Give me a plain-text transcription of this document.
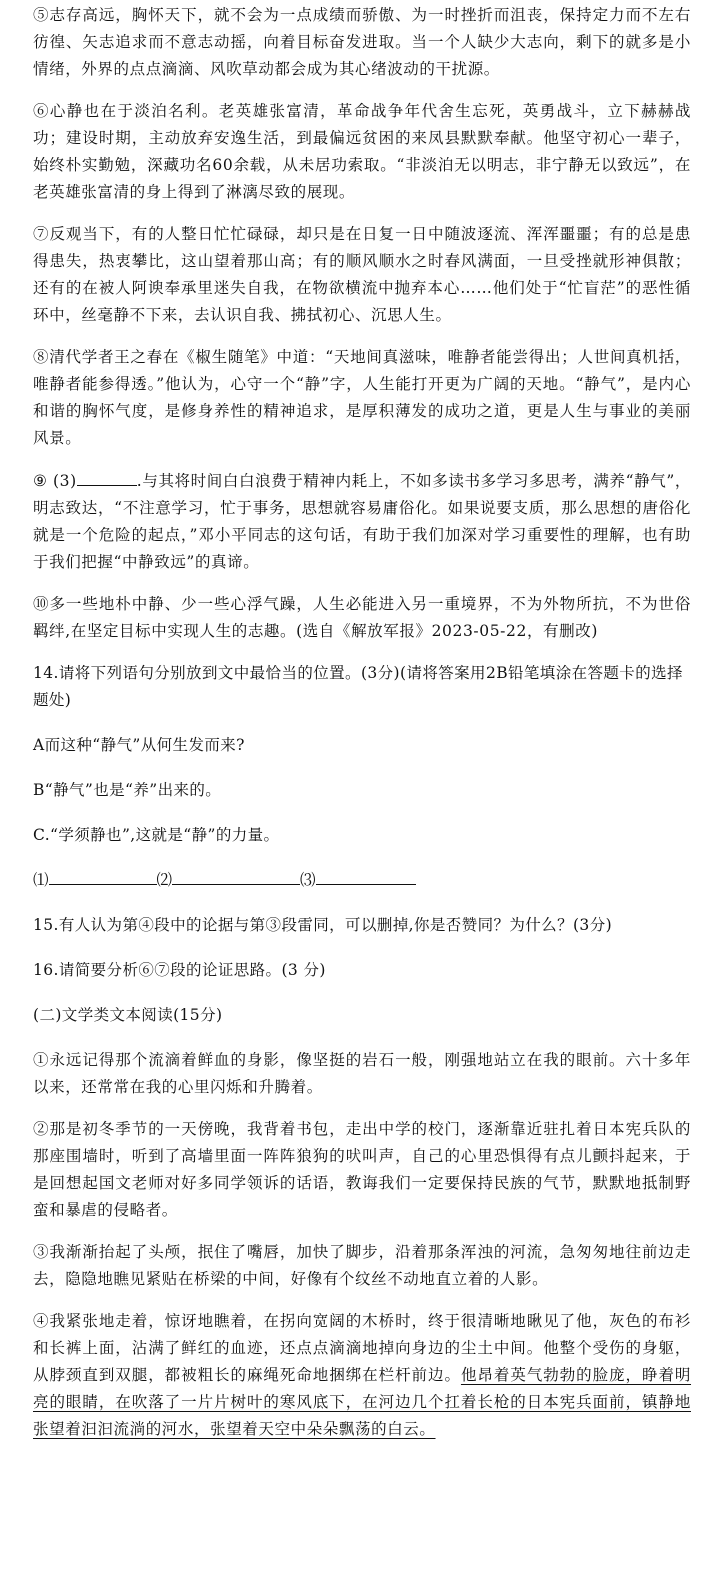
⑤志存高远，胸怀天下，就不会为一点成绩而骄傲、为一时挫折而沮丧，保持定力而不左右彷徨、矢志追求而不意志动摇，向着目标奋发进取。当一个人缺少大志向，剩下的就多是小情绪，外界的点点滴滴、风吹草动都会成为其心绪波动的干扰源。

⑥心静也在于淡泊名利。老英雄张富清，革命战争年代舍生忘死，英勇战斗，立下赫赫战功；建设时期，主动放弃安逸生活，到最偏远贫困的来凤县默默奉献。他坚守初心一辈子，始终朴实勤勉，深藏功名60余载，从未居功索取。“非淡泊无以明志，非宁静无以致远”，在老英雄张富清的身上得到了淋漓尽致的展现。

⑦反观当下，有的人整日忙忙碌碌，却只是在日复一日中随波逐流、浑浑噩噩；有的总是患得患失，热衷攀比，这山望着那山高；有的顺风顺水之时春风满面，一旦受挫就形神俱散；还有的在被人阿谀奉承里迷失自我，在物欲横流中抛弃本心……他们处于“忙盲茫”的恶性循环中，丝毫静不下来，去认识自我、拂拭初心、沉思人生。

⑧清代学者王之春在《椒生随笔》中道：“天地间真滋味，唯静者能尝得出；人世间真机括，唯静者能参得透。”他认为，心守一个“静”字，人生能打开更为广阔的天地。“静气”，是内心和谐的胸怀气度，是修身养性的精神追求，是厚积薄发的成功之道，更是人生与事业的美丽风景。

⑨ (3)	.与其将时间白白浪费于精神内耗上，不如多读书多学习多思考，满养“静气”，明志致达，“不注意学习，忙于事务，思想就容易庸俗化。如果说要支质，那么思想的唐俗化就是一个危险的起点，”邓小平同志的这句话，有助于我们加深对学习重要性的理解，也有助于我们把握“中静致远”的真谛。

⑩多一些地朴中静、少一些心浮气躁，人生必能进入另一重境界，不为外物所抗，不为世俗羁绊,在坚定目标中实现人生的志趣。(选自《解放军报》2023-05-22，有删改)

14.请将下列语句分别放到文中最恰当的位置。(3分)(请将答案用2B铅笔填涂在答题卡的选择题处)

A而这种“静气”从何生发而来?

B“静气”也是“养”出来的。

C.“学须静也”,这就是“静”的力量。

⑴	⑵	⑶

15.有人认为第④段中的论据与第③段雷同，可以删掉,你是否赞同？为什么？(3分)

16.请简要分析⑥⑦段的论证思路。(3 分)

(二)文学类文本阅读(15分)

①永远记得那个流滴着鲜血的身影，像坚挺的岩石一般，刚强地站立在我的眼前。六十多年以来，还常常在我的心里闪烁和升腾着。

②那是初冬季节的一天傍晚，我背着书包，走出中学的校门，逐渐靠近驻扎着日本宪兵队的那座围墙时，听到了高墙里面一阵阵狼狗的吠叫声，自己的心里恐惧得有点儿颤抖起来，于是回想起国文老师对好多同学领诉的话语，教诲我们一定要保持民族的气节，默默地抵制野蛮和暴虐的侵略者。

③我渐渐抬起了头颅，抿住了嘴唇，加快了脚步，沿着那条浑浊的河流，急匆匆地往前边走去，隐隐地瞧见紧贴在桥梁的中间，好像有个纹丝不动地直立着的人影。

④我紧张地走着，惊讶地瞧着，在拐向宽阔的木桥时，终于很清晰地瞅见了他，灰色的布衫和长裤上面，沾满了鲜红的血迹，还点点滴滴地掉向身边的尘土中间。他整个受伤的身躯，从脖颈直到双腿，都被粗长的麻绳死命地捆绑在栏杆前边。他昂着英气勃勃的脸庞，睁着明亮的眼睛，在吹落了一片片树叶的寒风底下，在河边几个扛着长枪的日本宪兵面前，镇静地张望着汩汩流淌的河水，张望着天空中朵朵飘荡的白云。
